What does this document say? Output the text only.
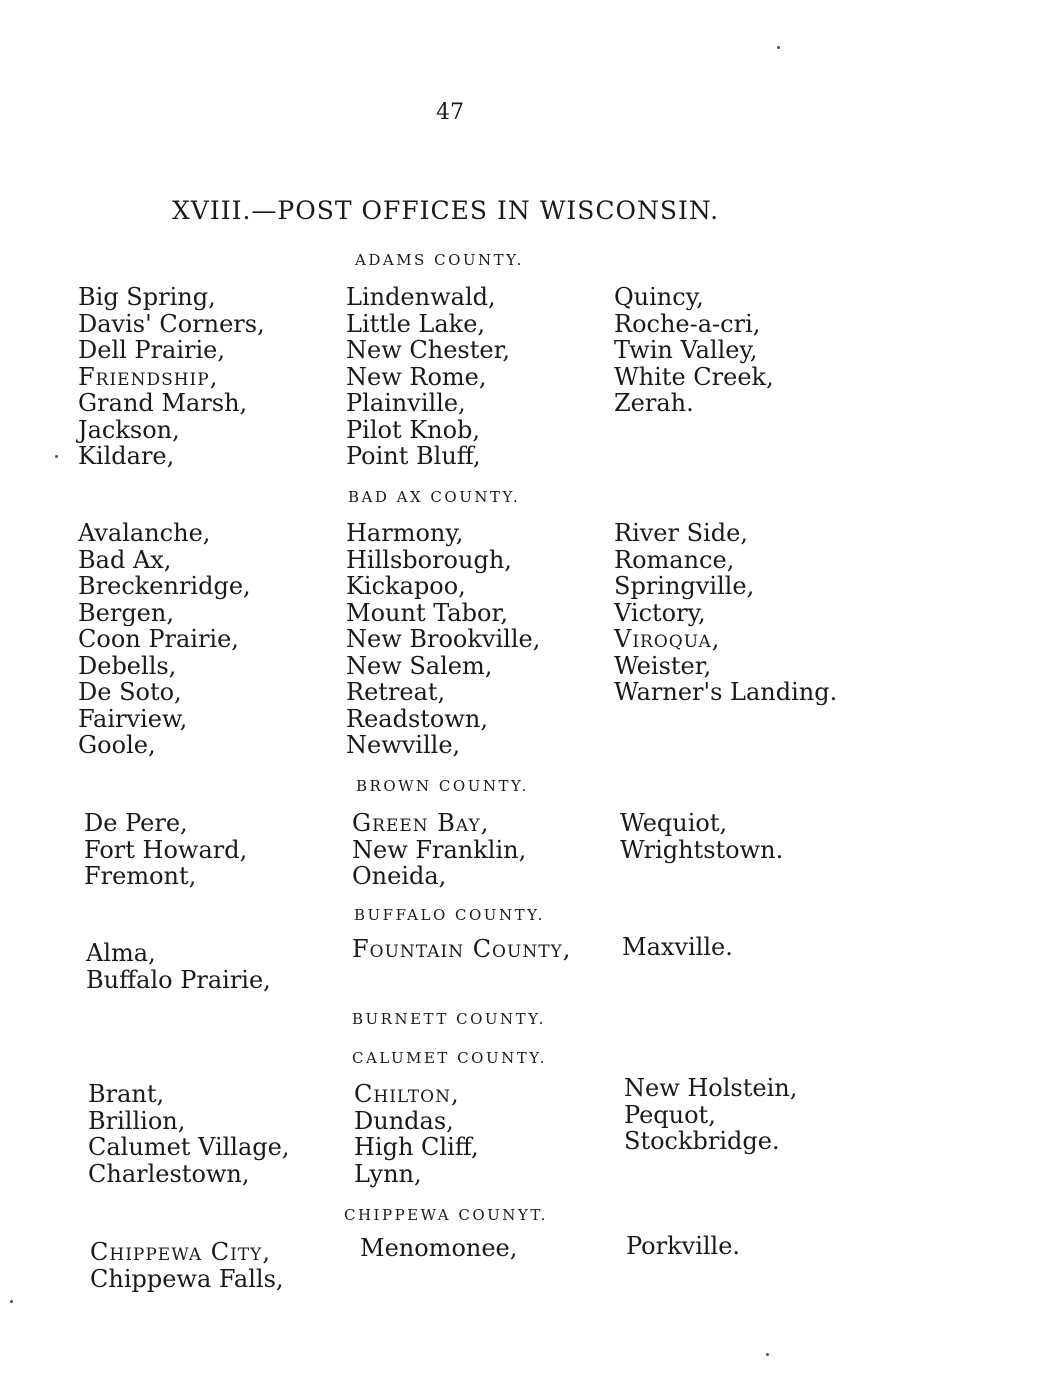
47
XVIII.—POST OFFICES IN WISCONSIN.
ADAMS COUNTY.
Big Spring,
Davis' Corners,
Dell Prairie,
Friendship,
Grand Marsh,
Jackson,
Kildare,
Lindenwald,
Little Lake,
New Chester,
New Rome,
Plainville,
Pilot Knob,
Point Bluff,
Quincy,
Roche-a-cri,
Twin Valley,
White Creek,
Zerah.
BAD AX COUNTY.
Avalanche,
Bad Ax,
Breckenridge,
Bergen,
Coon Prairie,
Debells,
De Soto,
Fairview,
Goole,
Harmony,
Hillsborough,
Kickapoo,
Mount Tabor,
New Brookville,
New Salem,
Retreat,
Readstown,
Newville,
River Side,
Romance,
Springville,
Victory,
Viroqua,
Weister,
Warner's Landing.
BROWN COUNTY.
De Pere,
Fort Howard,
Fremont,
Green Bay,
New Franklin,
Oneida,
Wequiot,
Wrightstown.
BUFFALO COUNTY.
Alma,
Buffalo Prairie,
Fountain County, Maxville.
BURNETT COUNTY.
CALUMET COUNTY.
Brant,
Brillion,
Calumet Village,
Charlestown,
Chilton,
Dundas,
High Cliff,
Lynn,
New Holstein,
Pequot,
Stockbridge.
CHIPPEWA COUNYT.
Chippewa City,
Chippewa Falls,
Menomonee,	Porkville.
